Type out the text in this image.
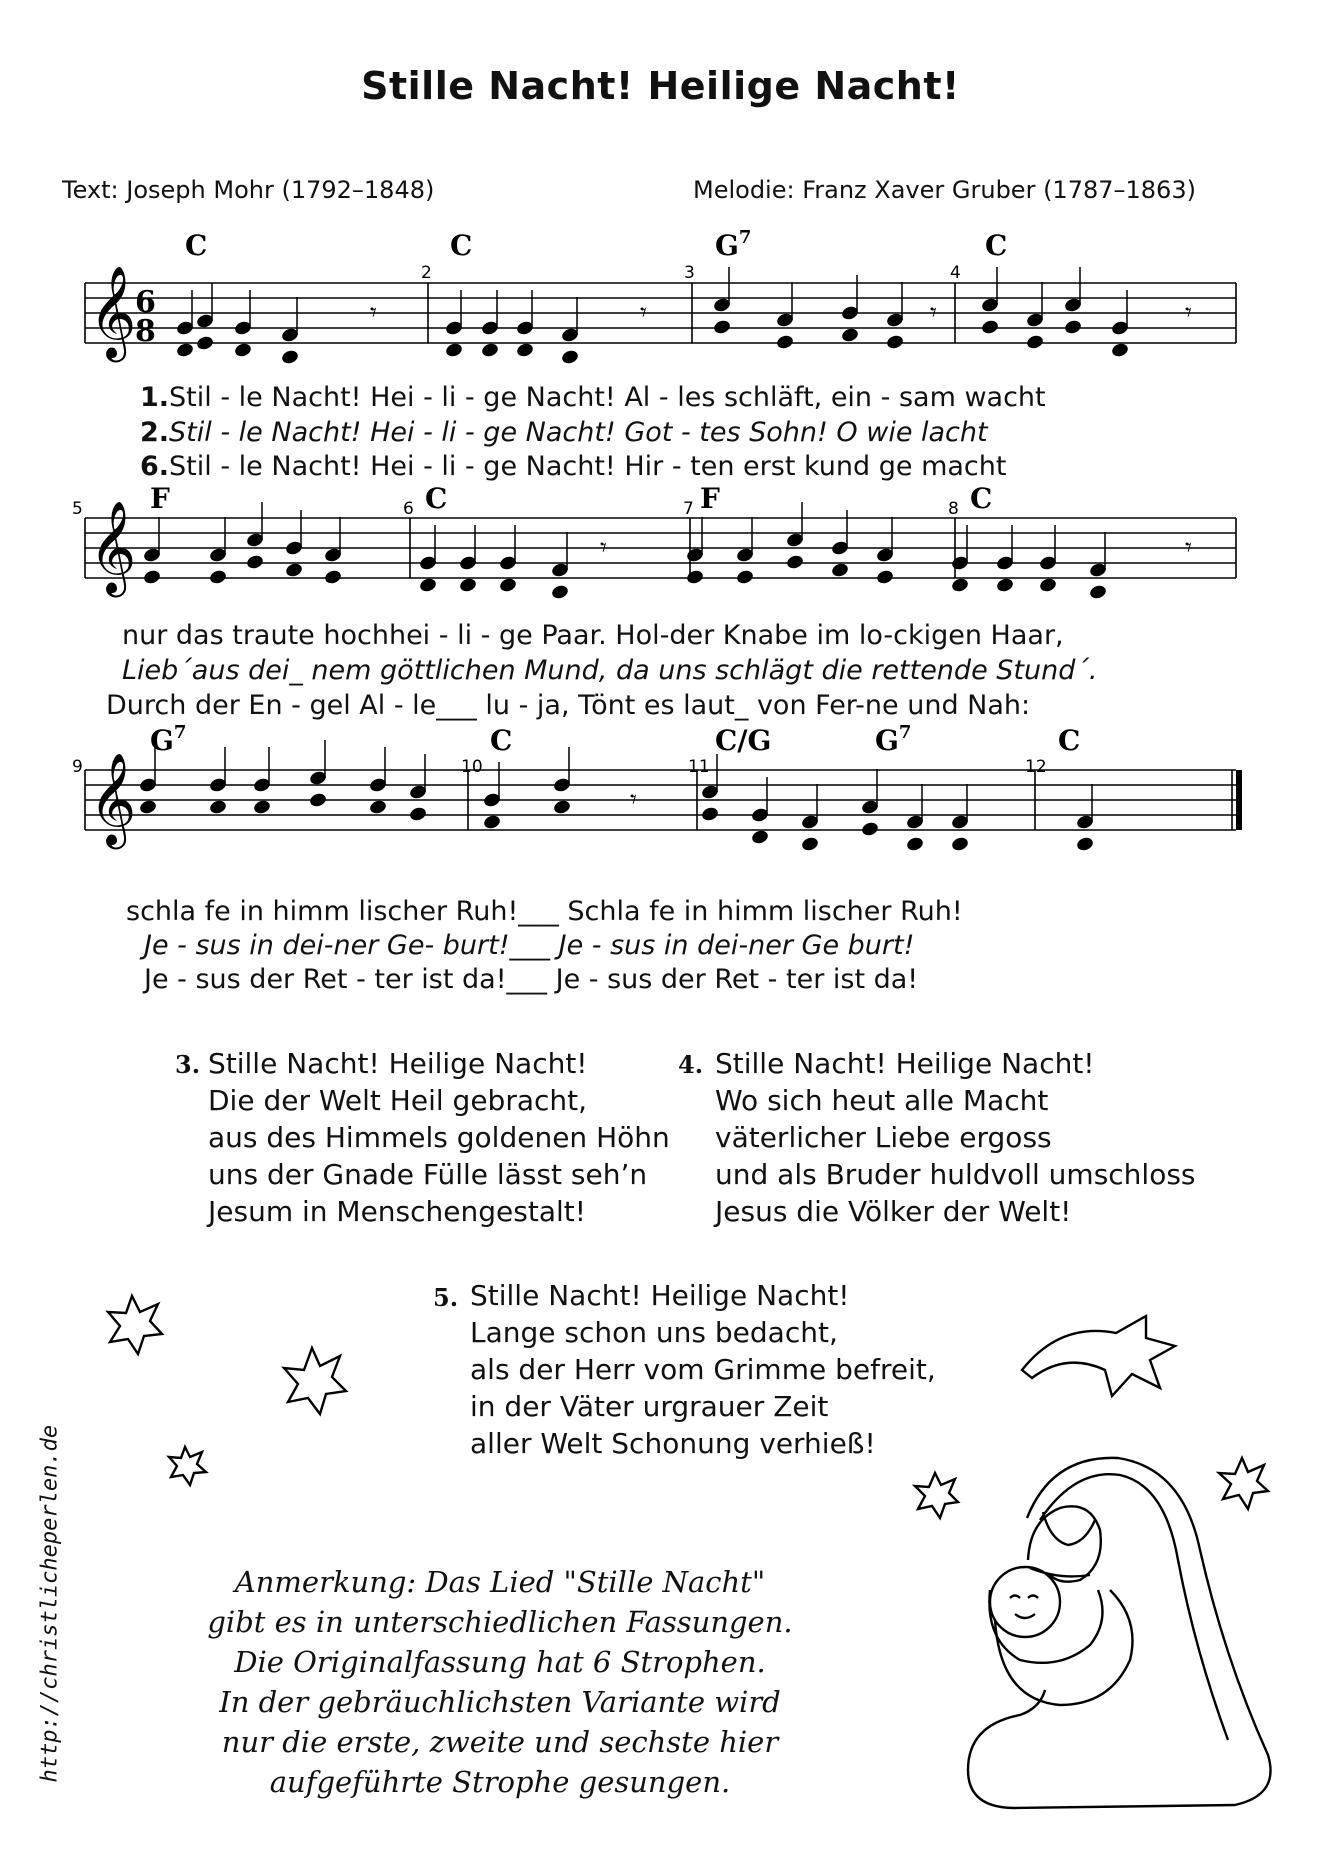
Stille Nacht! Heilige Nacht!
Text: Joseph Mohr (1792–1848)	Melodie: Franz Xaver Gruber (1787–1863)
𝄞
6
8
𝄞
𝄞
𝄾	𝄾	𝄾	𝄾
𝄾	𝄾
𝄾
C	C	$G^7$	C
F	C	F	C
$G^7$	C	C/G	$G^7$	C
2	3	4
5	6	7	8
9	10	11	12
1.Stil - le Nacht! Hei - li - ge Nacht! Al - les schläft, ein - sam wacht
2.Stil - le Nacht! Hei - li - ge Nacht! Got - tes Sohn! O wie lacht
6.Stil - le Nacht! Hei - li - ge Nacht! Hir - ten erst kund ge macht
nur das traute hochhei - li - ge Paar. Hol-der Knabe im lo-ckigen Haar,
Lieb´aus dei_ nem göttlichen Mund, da uns schlägt die rettende Stund´.
Durch der En - gel Al - le___ lu - ja, Tönt es laut_ von Fer-ne und Nah:
schla fe in himm lischer Ruh!___ Schla fe in himm lischer Ruh!
Je - sus in dei-ner Ge- burt!___ Je - sus in dei-ner Ge burt!
Je - sus der Ret - ter ist da!___ Je - sus der Ret - ter ist da!
3. Stille Nacht! Heilige Nacht!
Die der Welt Heil gebracht,
aus des Himmels goldenen Höhn
uns der Gnade Fülle lässt seh’n
Jesum in Menschengestalt!
4. Stille Nacht! Heilige Nacht!
Wo sich heut alle Macht
väterlicher Liebe ergoss
und als Bruder huldvoll umschloss
Jesus die Völker der Welt!
5. Stille Nacht! Heilige Nacht!
Lange schon uns bedacht,
als der Herr vom Grimme befreit,
in der Väter urgrauer Zeit
aller Welt Schonung verhieß!
Anmerkung: Das Lied "Stille Nacht"
gibt es in unterschiedlichen Fassungen.
Die Originalfassung hat 6 Strophen.
In der gebräuchlichsten Variante wird
nur die erste, zweite und sechste hier
aufgeführte Strophe gesungen.
http://christlicheperlen.de
